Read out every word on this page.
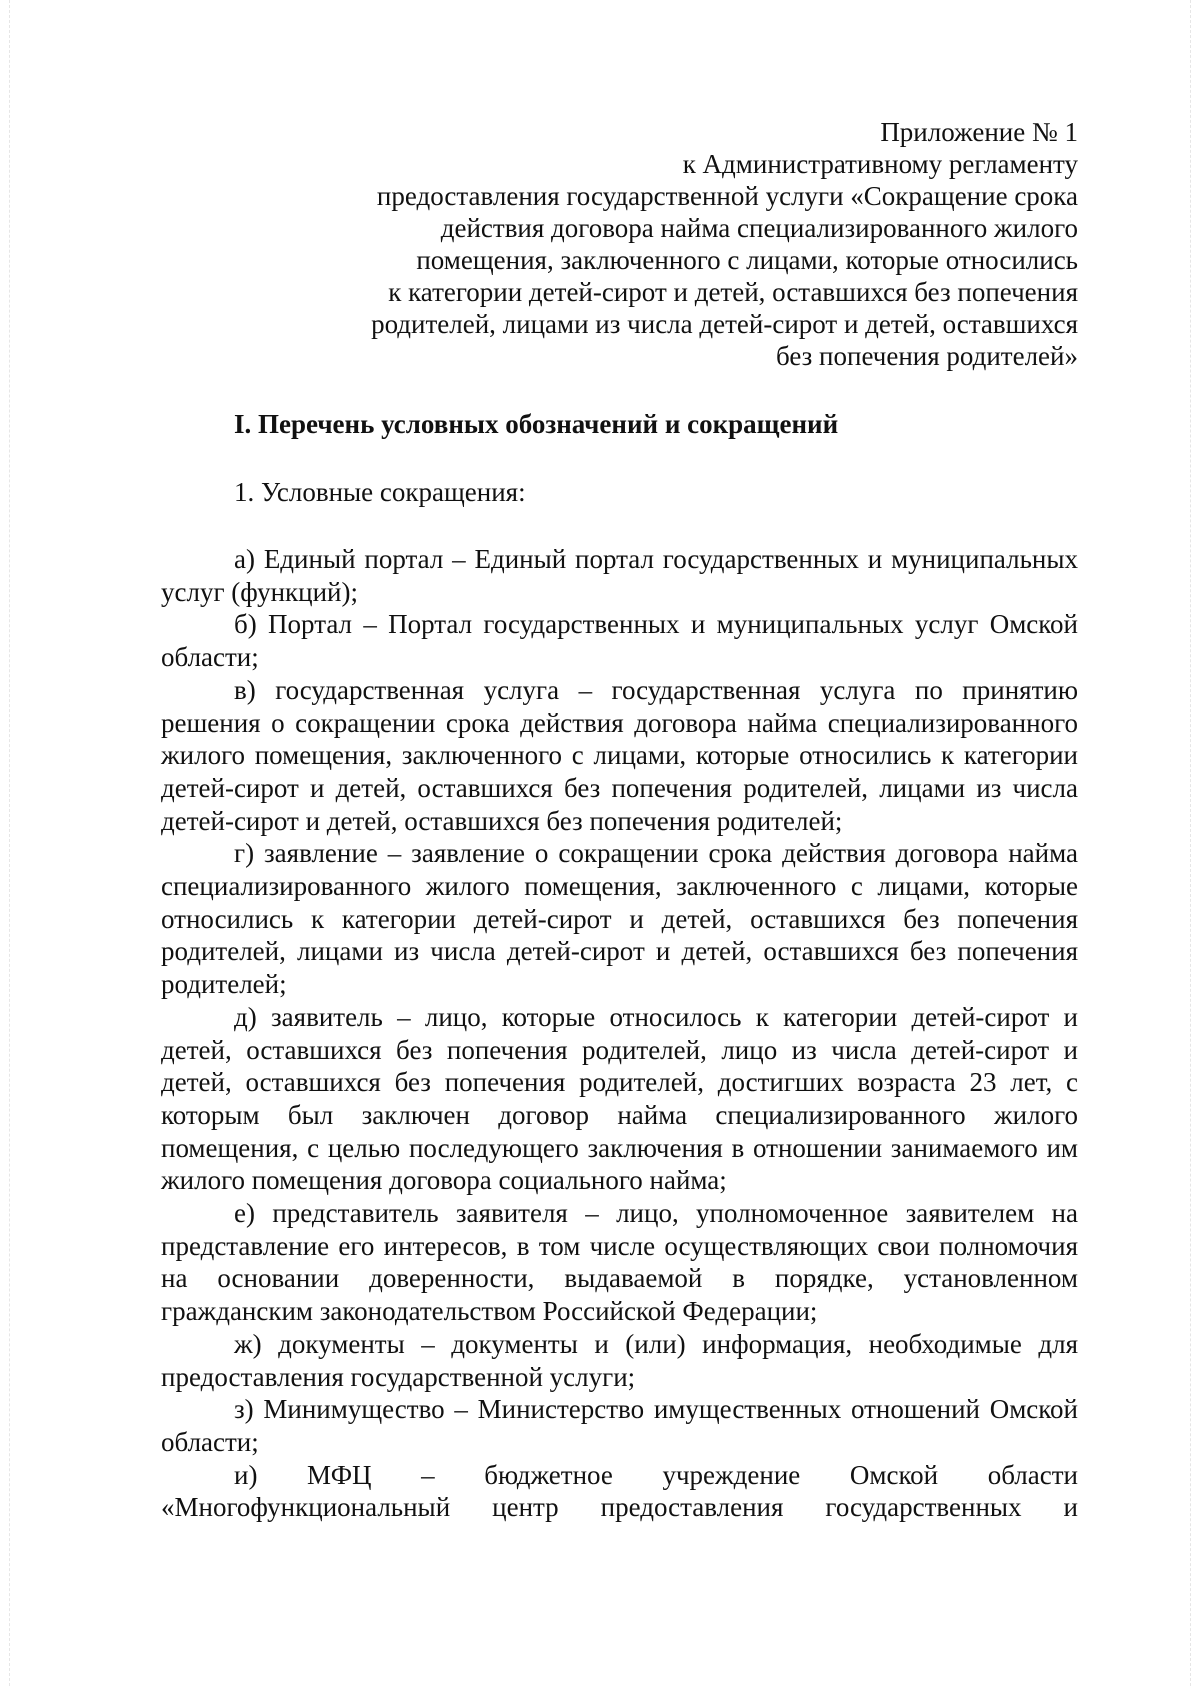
Приложение № 1
к Административному регламенту
предоставления государственной услуги «Сокращение срока
действия договора найма специализированного жилого
помещения, заключенного с лицами, которые относились
к категории детей-сирот и детей, оставшихся без попечения
родителей, лицами из числа детей-сирот и детей, оставшихся
без попечения родителей»
I. Перечень условных обозначений и сокращений
1. Условные сокращения:

а) Единый портал – Единый портал государственных и муниципальных услуг (функций);

б) Портал – Портал государственных и муниципальных услуг Омской области;

в) государственная услуга – государственная услуга по принятию решения о сокращении срока действия договора найма специализированного жилого помещения, заключенного с лицами, которые относились к категории детей-сирот и детей, оставшихся без попечения родителей, лицами из числа детей-сирот и детей, оставшихся без попечения родителей;

г) заявление – заявление о сокращении срока действия договора найма специализированного жилого помещения, заключенного с лицами, которые относились к категории детей-сирот и детей, оставшихся без попечения родителей, лицами из числа детей-сирот и детей, оставшихся без попечения родителей;

д) заявитель – лицо, которые относилось к категории детей-сирот и детей, оставшихся без попечения родителей, лицо из числа детей-сирот и детей, оставшихся без попечения родителей, достигших возраста 23 лет, с которым был заключен договор найма специализированного жилого помещения, с целью последующего заключения в отношении занимаемого им жилого помещения договора социального найма;

е) представитель заявителя – лицо, уполномоченное заявителем на представление его интересов, в том числе осуществляющих свои полномочия на основании доверенности, выдаваемой в порядке, установленном гражданским законодательством Российской Федерации;

ж) документы – документы и (или) информация, необходимые для предоставления государственной услуги;

з) Минимущество – Министерство имущественных отношений Омской области;

и) МФЦ – бюджетное учреждение Омской области «Многофункциональный центр предоставления государственных и
